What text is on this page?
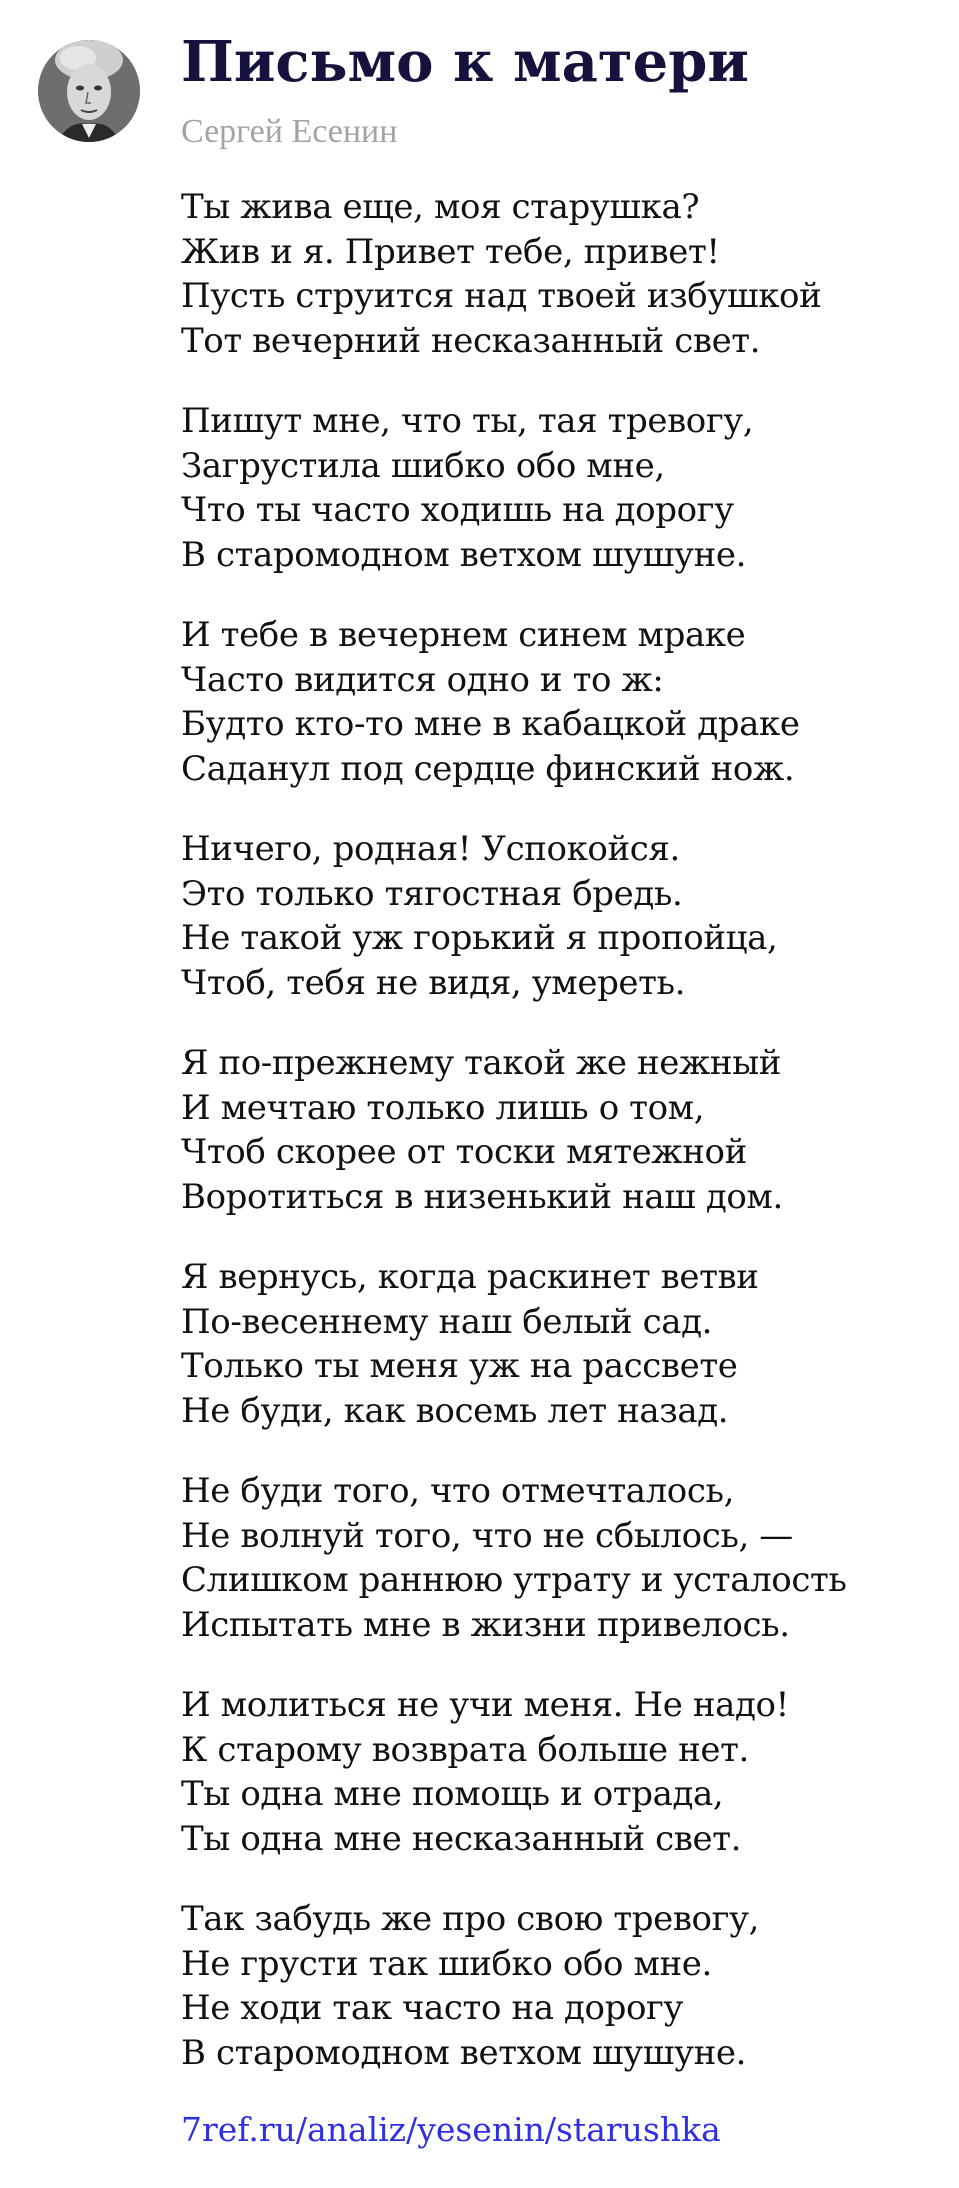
Письмо к матери
Сергей Есенин
Ты жива еще, моя старушка?
Жив и я. Привет тебе, привет!
Пусть струится над твоей избушкой
Тот вечерний несказанный свет.
Пишут мне, что ты, тая тревогу,
Загрустила шибко обо мне,
Что ты часто ходишь на дорогу
В старомодном ветхом шушуне.
И тебе в вечернем синем мраке
Часто видится одно и то ж:
Будто кто-то мне в кабацкой драке
Саданул под сердце финский нож.
Ничего, родная! Успокойся.
Это только тягостная бредь.
Не такой уж горький я пропойца,
Чтоб, тебя не видя, умереть.
Я по-прежнему такой же нежный
И мечтаю только лишь о том,
Чтоб скорее от тоски мятежной
Воротиться в низенький наш дом.
Я вернусь, когда раскинет ветви
По-весеннему наш белый сад.
Только ты меня уж на рассвете
Не буди, как восемь лет назад.
Не буди того, что отмечталось,
Не волнуй того, что не сбылось, —
Слишком раннюю утрату и усталость
Испытать мне в жизни привелось.
И молиться не учи меня. Не надо!
К старому возврата больше нет.
Ты одна мне помощь и отрада,
Ты одна мне несказанный свет.
Так забудь же про свою тревогу,
Не грусти так шибко обо мне.
Не ходи так часто на дорогу
В старомодном ветхом шушуне.
7ref.ru/analiz/yesenin/starushka
